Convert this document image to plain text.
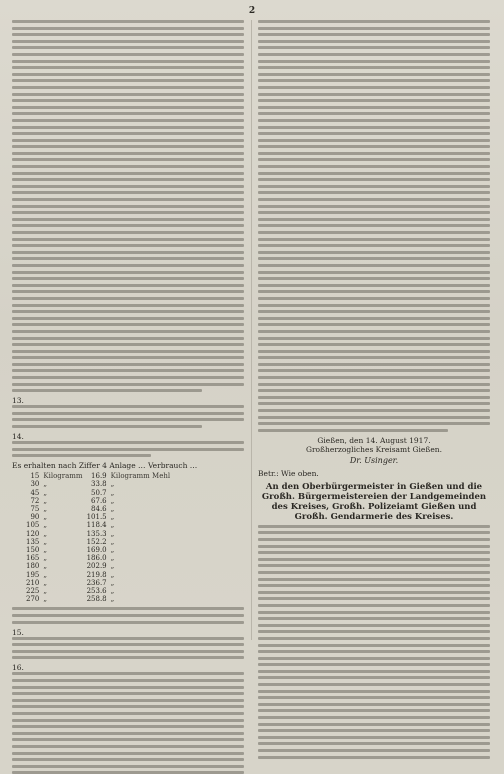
2
13.
14.
Es erhalten nach Ziffer 4 Anlage … Verbrauch …
15	Kilogramm	16.9	Kilogramm Mehl
30	„	33.8	„
45	„	50.7	„
72	„	67.6	„
75	„	84.6	„
90	„	101.5	„
105	„	118.4	„
120	„	135.3	„
135	„	152.2	„
150	„	169.0	„
165	„	186.0	„
180	„	202.9	„
195	„	219.8	„
210	„	236.7	„
225	„	253.6	„
270	„	258.8	„
15.
16.
Gießen, den 14. August 1917.
Großherzogliches Kreisamt Gießen.
Dr. Usinger.
Betr.: Wie oben.
An den Oberbürgermeister in Gießen und die Großh. Bürgermeistereien der Landgemeinden des Kreises, Großh. Polizeiamt Gießen und Großh. Gendarmerie des Kreises.
